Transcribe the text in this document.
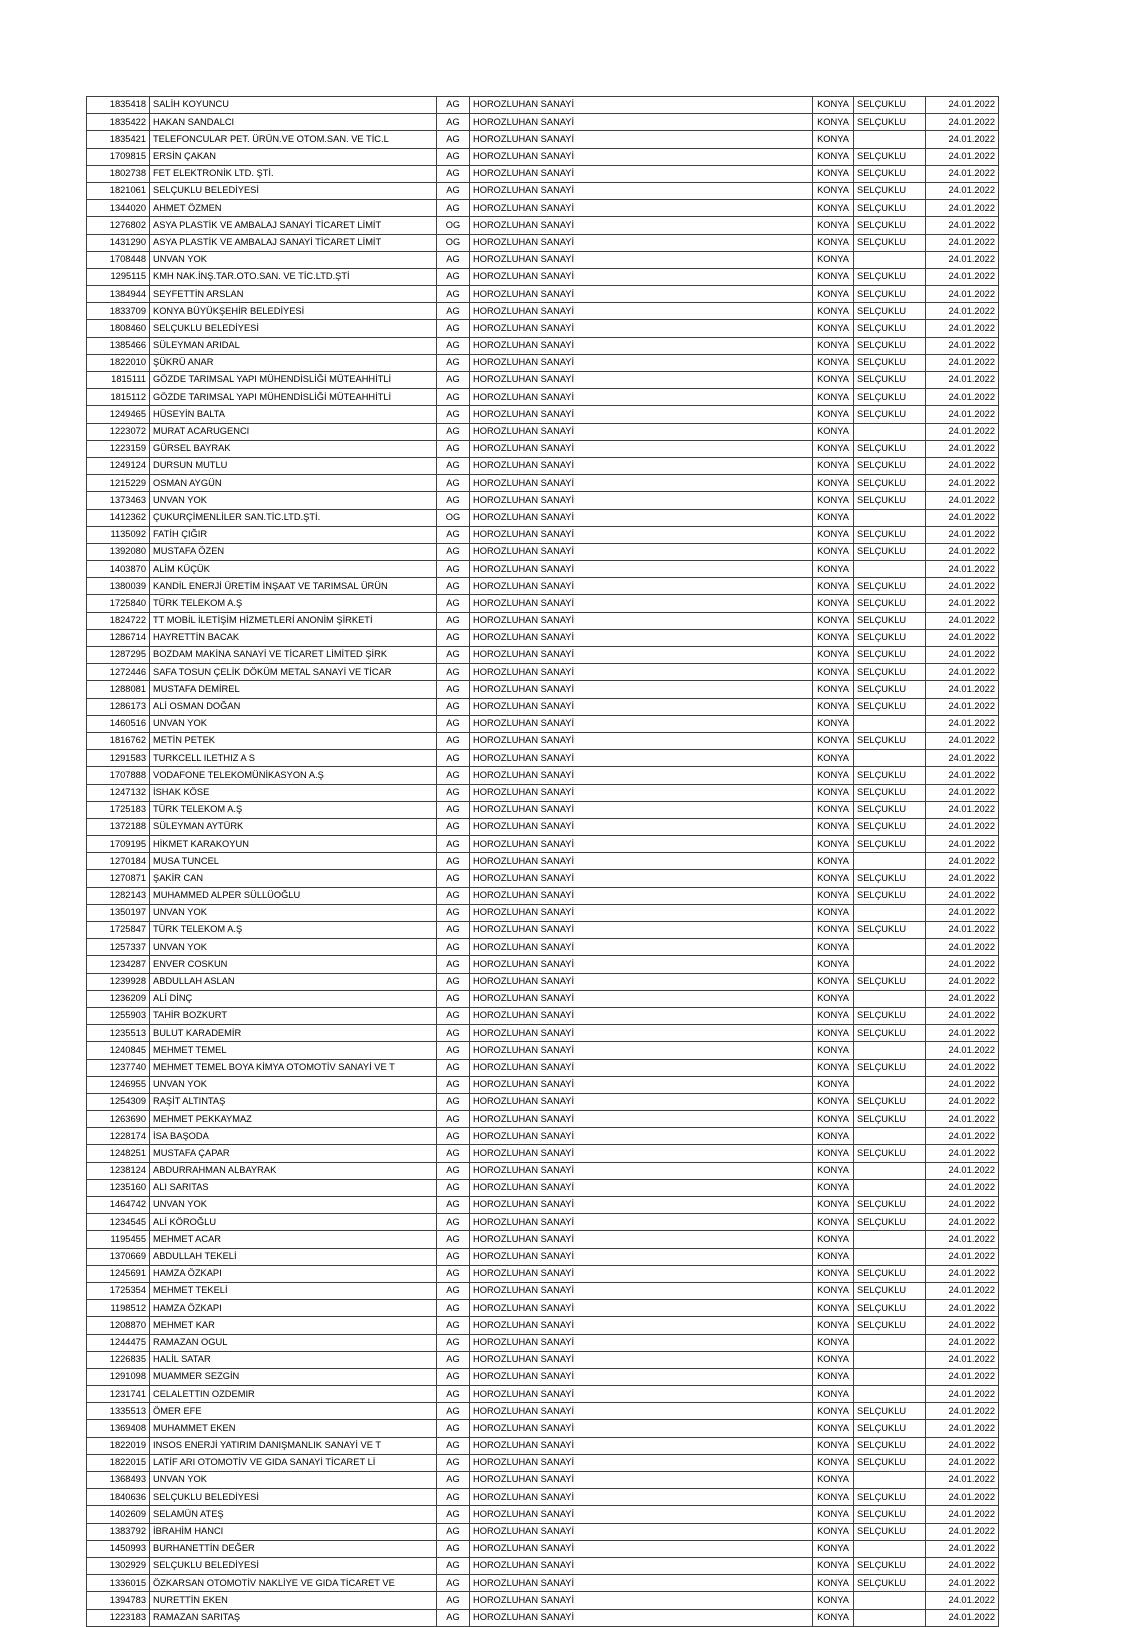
1835418	SALİH KOYUNCU	AG	HOROZLUHAN SANAYİ	KONYA	SELÇUKLU	24.01.2022
1835422	HAKAN SANDALCI	AG	HOROZLUHAN SANAYİ	KONYA	SELÇUKLU	24.01.2022
1835421	TELEFONCULAR PET. ÜRÜN.VE OTOM.SAN. VE TİC.L	AG	HOROZLUHAN SANAYİ	KONYA		24.01.2022
1709815	ERSİN ÇAKAN	AG	HOROZLUHAN SANAYİ	KONYA	SELÇUKLU	24.01.2022
1802738	FET ELEKTRONİK LTD. ŞTİ.	AG	HOROZLUHAN SANAYİ	KONYA	SELÇUKLU	24.01.2022
1821061	SELÇUKLU BELEDİYESİ	AG	HOROZLUHAN SANAYİ	KONYA	SELÇUKLU	24.01.2022
1344020	AHMET ÖZMEN	AG	HOROZLUHAN SANAYİ	KONYA	SELÇUKLU	24.01.2022
1276802	ASYA PLASTİK VE AMBALAJ SANAYİ TİCARET LİMİT	OG	HOROZLUHAN SANAYİ	KONYA	SELÇUKLU	24.01.2022
1431290	ASYA PLASTİK VE AMBALAJ SANAYİ TİCARET LİMİT	OG	HOROZLUHAN SANAYİ	KONYA	SELÇUKLU	24.01.2022
1708448	UNVAN YOK	AG	HOROZLUHAN SANAYİ	KONYA		24.01.2022
1295115	KMH NAK.İNŞ.TAR.OTO.SAN. VE TİC.LTD.ŞTİ	AG	HOROZLUHAN SANAYİ	KONYA	SELÇUKLU	24.01.2022
1384944	SEYFETTİN ARSLAN	AG	HOROZLUHAN SANAYİ	KONYA	SELÇUKLU	24.01.2022
1833709	KONYA BÜYÜKŞEHİR BELEDİYESİ	AG	HOROZLUHAN SANAYİ	KONYA	SELÇUKLU	24.01.2022
1808460	SELÇUKLU BELEDİYESİ	AG	HOROZLUHAN SANAYİ	KONYA	SELÇUKLU	24.01.2022
1385466	SÜLEYMAN ARIDAL	AG	HOROZLUHAN SANAYİ	KONYA	SELÇUKLU	24.01.2022
1822010	ŞÜKRÜ ANAR	AG	HOROZLUHAN SANAYİ	KONYA	SELÇUKLU	24.01.2022
1815111	GÖZDE TARIMSAL YAPI MÜHENDİSLİĞİ MÜTEAHHİTLİ	AG	HOROZLUHAN SANAYİ	KONYA	SELÇUKLU	24.01.2022
1815112	GÖZDE TARIMSAL YAPI MÜHENDİSLİĞİ MÜTEAHHİTLİ	AG	HOROZLUHAN SANAYİ	KONYA	SELÇUKLU	24.01.2022
1249465	HÜSEYİN BALTA	AG	HOROZLUHAN SANAYİ	KONYA	SELÇUKLU	24.01.2022
1223072	MURAT ACARUGENCI	AG	HOROZLUHAN SANAYİ	KONYA		24.01.2022
1223159	GÜRSEL BAYRAK	AG	HOROZLUHAN SANAYİ	KONYA	SELÇUKLU	24.01.2022
1249124	DURSUN MUTLU	AG	HOROZLUHAN SANAYİ	KONYA	SELÇUKLU	24.01.2022
1215229	OSMAN AYGÜN	AG	HOROZLUHAN SANAYİ	KONYA	SELÇUKLU	24.01.2022
1373463	UNVAN YOK	AG	HOROZLUHAN SANAYİ	KONYA	SELÇUKLU	24.01.2022
1412362	ÇUKURÇİMENLİLER SAN.TİC.LTD.ŞTİ.	OG	HOROZLUHAN SANAYİ	KONYA		24.01.2022
1135092	FATİH ÇIĞIR	AG	HOROZLUHAN SANAYİ	KONYA	SELÇUKLU	24.01.2022
1392080	MUSTAFA ÖZEN	AG	HOROZLUHAN SANAYİ	KONYA	SELÇUKLU	24.01.2022
1403870	ALİM KÜÇÜK	AG	HOROZLUHAN SANAYİ	KONYA		24.01.2022
1380039	KANDİL ENERJİ ÜRETİM İNŞAAT VE TARIMSAL ÜRÜN	AG	HOROZLUHAN SANAYİ	KONYA	SELÇUKLU	24.01.2022
1725840	TÜRK TELEKOM A.Ş	AG	HOROZLUHAN SANAYİ	KONYA	SELÇUKLU	24.01.2022
1824722	TT MOBİL İLETİŞİM HİZMETLERİ ANONİM ŞİRKETİ	AG	HOROZLUHAN SANAYİ	KONYA	SELÇUKLU	24.01.2022
1286714	HAYRETTİN BACAK	AG	HOROZLUHAN SANAYİ	KONYA	SELÇUKLU	24.01.2022
1287295	BOZDAM MAKİNA SANAYİ VE TİCARET LİMİTED ŞİRK	AG	HOROZLUHAN SANAYİ	KONYA	SELÇUKLU	24.01.2022
1272446	SAFA TOSUN ÇELİK DÖKÜM METAL SANAYİ VE TİCAR	AG	HOROZLUHAN SANAYİ	KONYA	SELÇUKLU	24.01.2022
1288081	MUSTAFA DEMİREL	AG	HOROZLUHAN SANAYİ	KONYA	SELÇUKLU	24.01.2022
1286173	ALİ OSMAN DOĞAN	AG	HOROZLUHAN SANAYİ	KONYA	SELÇUKLU	24.01.2022
1460516	UNVAN YOK	AG	HOROZLUHAN SANAYİ	KONYA		24.01.2022
1816762	METİN PETEK	AG	HOROZLUHAN SANAYİ	KONYA	SELÇUKLU	24.01.2022
1291583	TURKCELL ILETHIZ A S	AG	HOROZLUHAN SANAYİ	KONYA		24.01.2022
1707888	VODAFONE TELEKOMÜNİKASYON A.Ş	AG	HOROZLUHAN SANAYİ	KONYA	SELÇUKLU	24.01.2022
1247132	İSHAK KÖSE	AG	HOROZLUHAN SANAYİ	KONYA	SELÇUKLU	24.01.2022
1725183	TÜRK TELEKOM A.Ş	AG	HOROZLUHAN SANAYİ	KONYA	SELÇUKLU	24.01.2022
1372188	SÜLEYMAN AYTÜRK	AG	HOROZLUHAN SANAYİ	KONYA	SELÇUKLU	24.01.2022
1709195	HİKMET KARAKOYUN	AG	HOROZLUHAN SANAYİ	KONYA	SELÇUKLU	24.01.2022
1270184	MUSA TUNCEL	AG	HOROZLUHAN SANAYİ	KONYA		24.01.2022
1270871	ŞAKİR CAN	AG	HOROZLUHAN SANAYİ	KONYA	SELÇUKLU	24.01.2022
1282143	MUHAMMED ALPER SÜLLÜOĞLU	AG	HOROZLUHAN SANAYİ	KONYA	SELÇUKLU	24.01.2022
1350197	UNVAN YOK	AG	HOROZLUHAN SANAYİ	KONYA		24.01.2022
1725847	TÜRK TELEKOM A.Ş	AG	HOROZLUHAN SANAYİ	KONYA	SELÇUKLU	24.01.2022
1257337	UNVAN YOK	AG	HOROZLUHAN SANAYİ	KONYA		24.01.2022
1234287	ENVER COSKUN	AG	HOROZLUHAN SANAYİ	KONYA		24.01.2022
1239928	ABDULLAH ASLAN	AG	HOROZLUHAN SANAYİ	KONYA	SELÇUKLU	24.01.2022
1236209	ALİ DİNÇ	AG	HOROZLUHAN SANAYİ	KONYA		24.01.2022
1255903	TAHİR BOZKURT	AG	HOROZLUHAN SANAYİ	KONYA	SELÇUKLU	24.01.2022
1235513	BULUT KARADEMİR	AG	HOROZLUHAN SANAYİ	KONYA	SELÇUKLU	24.01.2022
1240845	MEHMET TEMEL	AG	HOROZLUHAN SANAYİ	KONYA		24.01.2022
1237740	MEHMET TEMEL BOYA KİMYA OTOMOTİV SANAYİ VE T	AG	HOROZLUHAN SANAYİ	KONYA	SELÇUKLU	24.01.2022
1246955	UNVAN YOK	AG	HOROZLUHAN SANAYİ	KONYA		24.01.2022
1254309	RAŞİT ALTINTAŞ	AG	HOROZLUHAN SANAYİ	KONYA	SELÇUKLU	24.01.2022
1263690	MEHMET PEKKAYMAZ	AG	HOROZLUHAN SANAYİ	KONYA	SELÇUKLU	24.01.2022
1228174	İSA BAŞODA	AG	HOROZLUHAN SANAYİ	KONYA		24.01.2022
1248251	MUSTAFA ÇAPAR	AG	HOROZLUHAN SANAYİ	KONYA	SELÇUKLU	24.01.2022
1238124	ABDURRAHMAN ALBAYRAK	AG	HOROZLUHAN SANAYİ	KONYA		24.01.2022
1235160	ALI SARITAS	AG	HOROZLUHAN SANAYİ	KONYA		24.01.2022
1464742	UNVAN YOK	AG	HOROZLUHAN SANAYİ	KONYA	SELÇUKLU	24.01.2022
1234545	ALİ KÖROĞLU	AG	HOROZLUHAN SANAYİ	KONYA	SELÇUKLU	24.01.2022
1195455	MEHMET ACAR	AG	HOROZLUHAN SANAYİ	KONYA		24.01.2022
1370669	ABDULLAH TEKELİ	AG	HOROZLUHAN SANAYİ	KONYA		24.01.2022
1245691	HAMZA ÖZKAPI	AG	HOROZLUHAN SANAYİ	KONYA	SELÇUKLU	24.01.2022
1725354	MEHMET TEKELİ	AG	HOROZLUHAN SANAYİ	KONYA	SELÇUKLU	24.01.2022
1198512	HAMZA ÖZKAPI	AG	HOROZLUHAN SANAYİ	KONYA	SELÇUKLU	24.01.2022
1208870	MEHMET KAR	AG	HOROZLUHAN SANAYİ	KONYA	SELÇUKLU	24.01.2022
1244475	RAMAZAN OGUL	AG	HOROZLUHAN SANAYİ	KONYA		24.01.2022
1226835	HALİL SATAR	AG	HOROZLUHAN SANAYİ	KONYA		24.01.2022
1291098	MUAMMER SEZGİN	AG	HOROZLUHAN SANAYİ	KONYA		24.01.2022
1231741	CELALETTIN OZDEMIR	AG	HOROZLUHAN SANAYİ	KONYA		24.01.2022
1335513	ÖMER EFE	AG	HOROZLUHAN SANAYİ	KONYA	SELÇUKLU	24.01.2022
1369408	MUHAMMET EKEN	AG	HOROZLUHAN SANAYİ	KONYA	SELÇUKLU	24.01.2022
1822019	INSOS ENERJİ YATIRIM DANIŞMANLIK SANAYİ VE T	AG	HOROZLUHAN SANAYİ	KONYA	SELÇUKLU	24.01.2022
1822015	LATİF ARI OTOMOTİV VE GIDA SANAYİ TİCARET Lİ	AG	HOROZLUHAN SANAYİ	KONYA	SELÇUKLU	24.01.2022
1368493	UNVAN YOK	AG	HOROZLUHAN SANAYİ	KONYA		24.01.2022
1840636	SELÇUKLU BELEDİYESİ	AG	HOROZLUHAN SANAYİ	KONYA	SELÇUKLU	24.01.2022
1402609	SELAMÜN ATEŞ	AG	HOROZLUHAN SANAYİ	KONYA	SELÇUKLU	24.01.2022
1383792	İBRAHİM HANCI	AG	HOROZLUHAN SANAYİ	KONYA	SELÇUKLU	24.01.2022
1450993	BURHANETTİN DEĞER	AG	HOROZLUHAN SANAYİ	KONYA		24.01.2022
1302929	SELÇUKLU BELEDİYESİ	AG	HOROZLUHAN SANAYİ	KONYA	SELÇUKLU	24.01.2022
1336015	ÖZKARSAN OTOMOTİV NAKLİYE VE GIDA TİCARET VE	AG	HOROZLUHAN SANAYİ	KONYA	SELÇUKLU	24.01.2022
1394783	NURETTİN EKEN	AG	HOROZLUHAN SANAYİ	KONYA		24.01.2022
1223183	RAMAZAN SARITAŞ	AG	HOROZLUHAN SANAYİ	KONYA		24.01.2022
